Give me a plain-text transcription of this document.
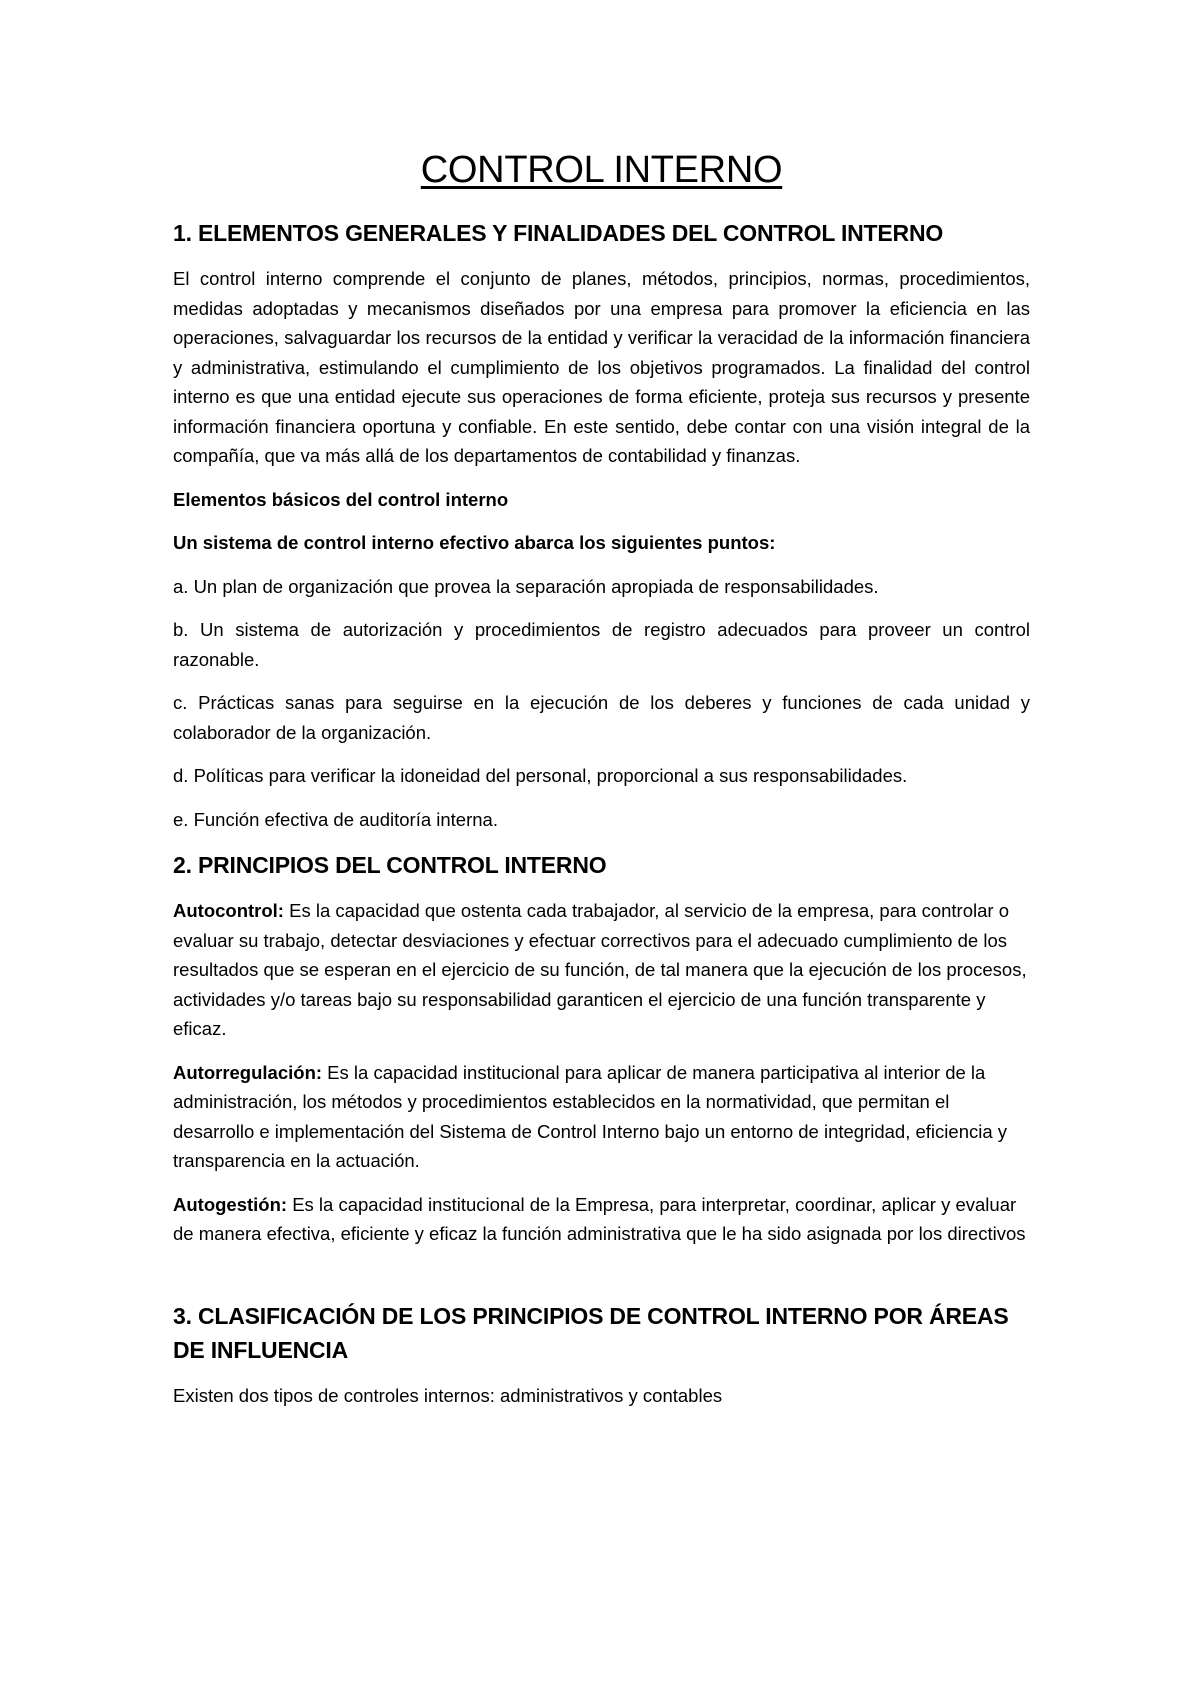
CONTROL INTERNO
1. ELEMENTOS GENERALES Y FINALIDADES DEL CONTROL INTERNO

El control interno comprende el conjunto de planes, métodos, principios, normas, procedimientos, medidas adoptadas y mecanismos diseñados por una empresa para promover la eficiencia en las operaciones, salvaguardar los recursos de la entidad y verificar la veracidad de la información financiera y administrativa, estimulando el cumplimiento de los objetivos programados. La finalidad del control interno es que una entidad ejecute sus operaciones de forma eficiente, proteja sus recursos y presente información financiera oportuna y confiable. En este sentido, debe contar con una visión integral de la compañía, que va más allá de los departamentos de contabilidad y finanzas.

Elementos básicos del control interno

Un sistema de control interno efectivo abarca los siguientes puntos:

a. Un plan de organización que provea la separación apropiada de responsabilidades.

b. Un sistema de autorización y procedimientos de registro adecuados para proveer un control razonable.

c. Prácticas sanas para seguirse en la ejecución de los deberes y funciones de cada unidad y colaborador de la organización.

d. Políticas para verificar la idoneidad del personal, proporcional a sus responsabilidades.

e. Función efectiva de auditoría interna.

2. PRINCIPIOS DEL CONTROL INTERNO

Autocontrol: Es la capacidad que ostenta cada trabajador, al servicio de la empresa, para controlar o evaluar su trabajo, detectar desviaciones y efectuar correctivos para el adecuado cumplimiento de los resultados que se esperan en el ejercicio de su función, de tal manera que la ejecución de los procesos, actividades y/o tareas bajo su responsabilidad garanticen el ejercicio de una función transparente y eficaz.

Autorregulación: Es la capacidad institucional para aplicar de manera participativa al interior de la administración, los métodos y procedimientos establecidos en la normatividad, que permitan el desarrollo e implementación del Sistema de Control Interno bajo un entorno de integridad, eficiencia y transparencia en la actuación.

Autogestión: Es la capacidad institucional de la Empresa, para interpretar, coordinar, aplicar y evaluar de manera efectiva, eficiente y eficaz la función administrativa que le ha sido asignada por los directivos

3. CLASIFICACIÓN DE LOS PRINCIPIOS DE CONTROL INTERNO POR ÁREAS DE INFLUENCIA

Existen dos tipos de controles internos: administrativos y contables
